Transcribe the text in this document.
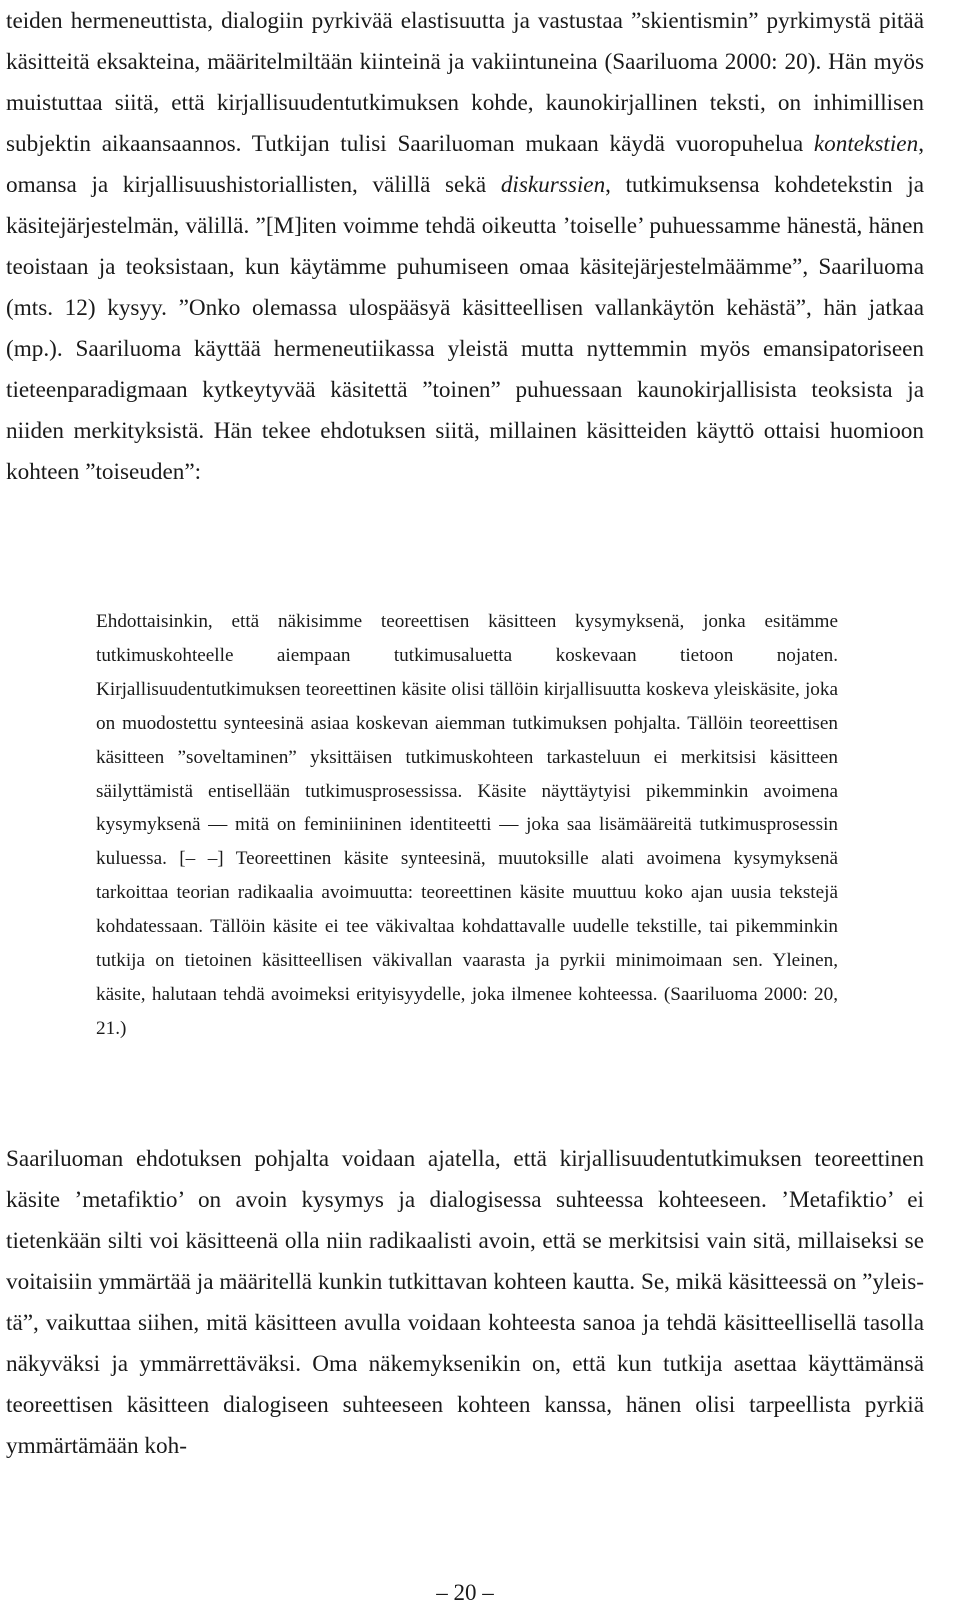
teiden hermeneuttista, dialogiin pyrkivää elastisuutta ja vastustaa ”skientismin” pyrkimystä pitää käsitteitä eksakteina, määritelmiltään kiinteinä ja vakiintuneina (Saariluoma 2000: 20). Hän myös muistuttaa siitä, että kirjallisuudentutkimuksen kohde, kaunokirjallinen teksti, on inhimillisen subjektin aikaansaannos. Tutkijan tulisi Saariluoman mukaan käydä vuoropuhelua kontekstien, omansa ja kirjallisuushistoriallisten, välillä sekä diskurssien, tutkimuksensa kohdetekstin ja käsitejärjestelmän, välillä. ”[M]iten voimme tehdä oikeutta ’toiselle’ puhuessamme hänestä, hänen teoistaan ja teoksistaan, kun käytämme puhumiseen omaa käsitejärjestelmäämme”, Saariluoma (mts. 12) kysyy. ”Onko olemassa ulospääsyä käsitteellisen vallankäytön kehästä”, hän jatkaa (mp.). Saariluoma käyttää hermeneutiikassa yleistä mutta nyttemmin myös emansipatoriseen tieteenparadigmaan kytkeytyvää käsitettä ”toinen” puhuessaan kaunokirjallisista teoksista ja niiden merkityksistä. Hän tekee ehdotuksen siitä, millainen käsitteiden käyttö ottaisi huomioon kohteen ”toiseuden”:

Ehdottaisinkin, että näkisimme teoreettisen käsitteen kysymyksenä, jonka esitämme tutkimuskohteelle aiempaan tutkimusaluetta koskevaan tietoon nojaten. Kirjallisuudentutkimuksen teoreettinen käsite olisi tällöin kirjallisuutta koskeva yleiskäsite, joka on muodostettu synteesinä asiaa koskevan aiemman tutkimuksen pohjalta. Tällöin teoreettisen käsitteen ”soveltaminen” yksittäisen tutkimuskohteen tarkasteluun ei merkitsisi käsitteen säilyttämistä entisellään tutkimusprosessissa. Käsite näyttäytyisi pikemminkin avoimena kysymyksenä — mitä on feminiininen identiteetti — joka saa lisämääreitä tutkimusprosessin kuluessa. [– –] Teoreettinen käsite synteesinä, muutoksille alati avoimena kysymyksenä tarkoittaa teorian radikaalia avoimuutta: teoreettinen käsite muuttuu koko ajan uusia tekstejä kohdatessaan. Tällöin käsite ei tee väkivaltaa kohdattavalle uudelle tekstille, tai pikemminkin tutkija on tietoinen käsitteellisen väkivallan vaarasta ja pyrkii minimoimaan sen. Yleinen, käsite, halutaan tehdä avoimeksi erityisyydelle, joka ilmenee kohteessa. (Saariluoma 2000: 20, 21.)

Saariluoman ehdotuksen pohjalta voidaan ajatella, että kirjallisuudentutkimuksen teoreettinen käsite ’metafiktio’ on avoin kysymys ja dialogisessa suhteessa kohteeseen. ’Metafiktio’ ei tietenkään silti voi käsitteenä olla niin radikaalisti avoin, että se merkitsisi vain sitä, millaiseksi se voitaisiin ymmärtää ja määritellä kunkin tutkittavan kohteen kautta. Se, mikä käsitteessä on ”yleistä”, vaikuttaa siihen, mitä käsitteen avulla voidaan kohteesta sanoa ja tehdä käsitteellisellä tasolla näkyväksi ja ymmärrettäväksi. Oma näkemyksenikin on, että kun tutkija asettaa käyttämänsä teoreettisen käsitteen dialogiseen suhteeseen kohteen kanssa, hänen olisi tarpeellista pyrkiä ymmärtämään koh-

– 20 –
